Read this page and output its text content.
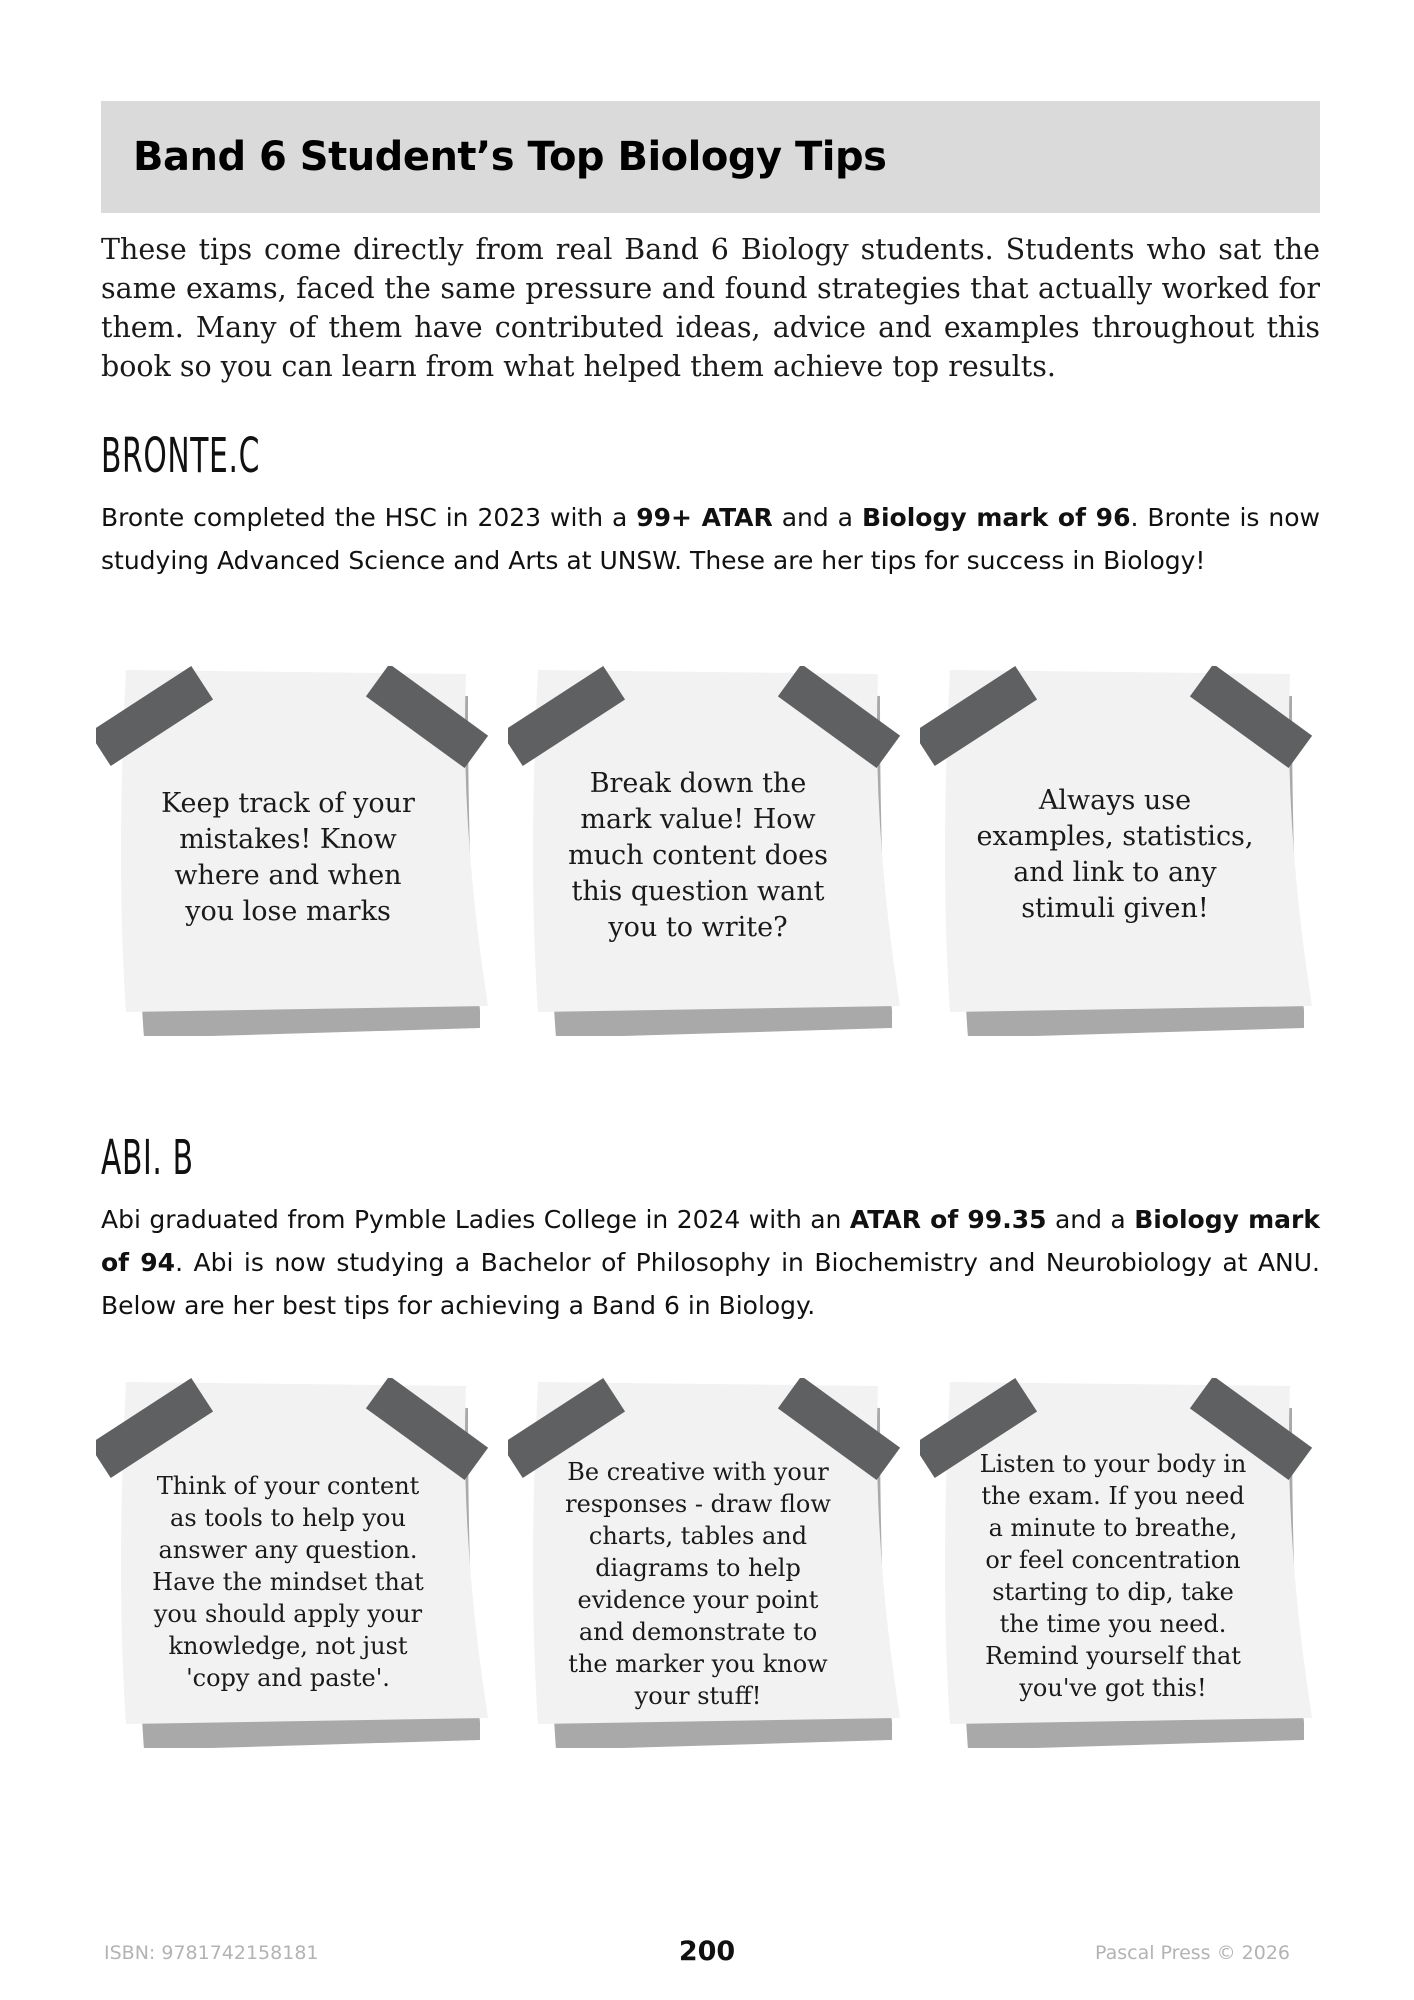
Band 6 Student’s Top Biology Tips

These tips come directly from real Band 6 Biology students. Students who sat the same exams, faced the same pressure and found strategies that actually worked for them. Many of them have contributed ideas, advice and examples throughout this book so you can learn from what helped them achieve top results.

BRONTE.C

Bronte completed the HSC in 2023 with a 99+ ATAR and a Biology mark of 96. Bronte is now studying Advanced Science and Arts at UNSW. These are her tips for success in Biology!

Keep track of your mistakes! Know where and when you lose marks

Break down the mark value! How much content does this question want you to write?

Always use examples, statistics, and link to any stimuli given!

ABI. B

Abi graduated from Pymble Ladies College in 2024 with an ATAR of 99.35 and a Biology mark of 94. Abi is now studying a Bachelor of Philosophy in Biochemistry and Neurobiology at ANU. Below are her best tips for achieving a Band 6 in Biology.

Think of your content as tools to help you answer any question. Have the mindset that you should apply your knowledge, not just 'copy and paste'.

Be creative with your responses - draw flow charts, tables and diagrams to help evidence your point and demonstrate to the marker you know your stuff!

Listen to your body in the exam. If you need a minute to breathe, or feel concentration starting to dip, take the time you need. Remind yourself that you've got this!

ISBN: 9781742158181	200	Pascal Press © 2026
